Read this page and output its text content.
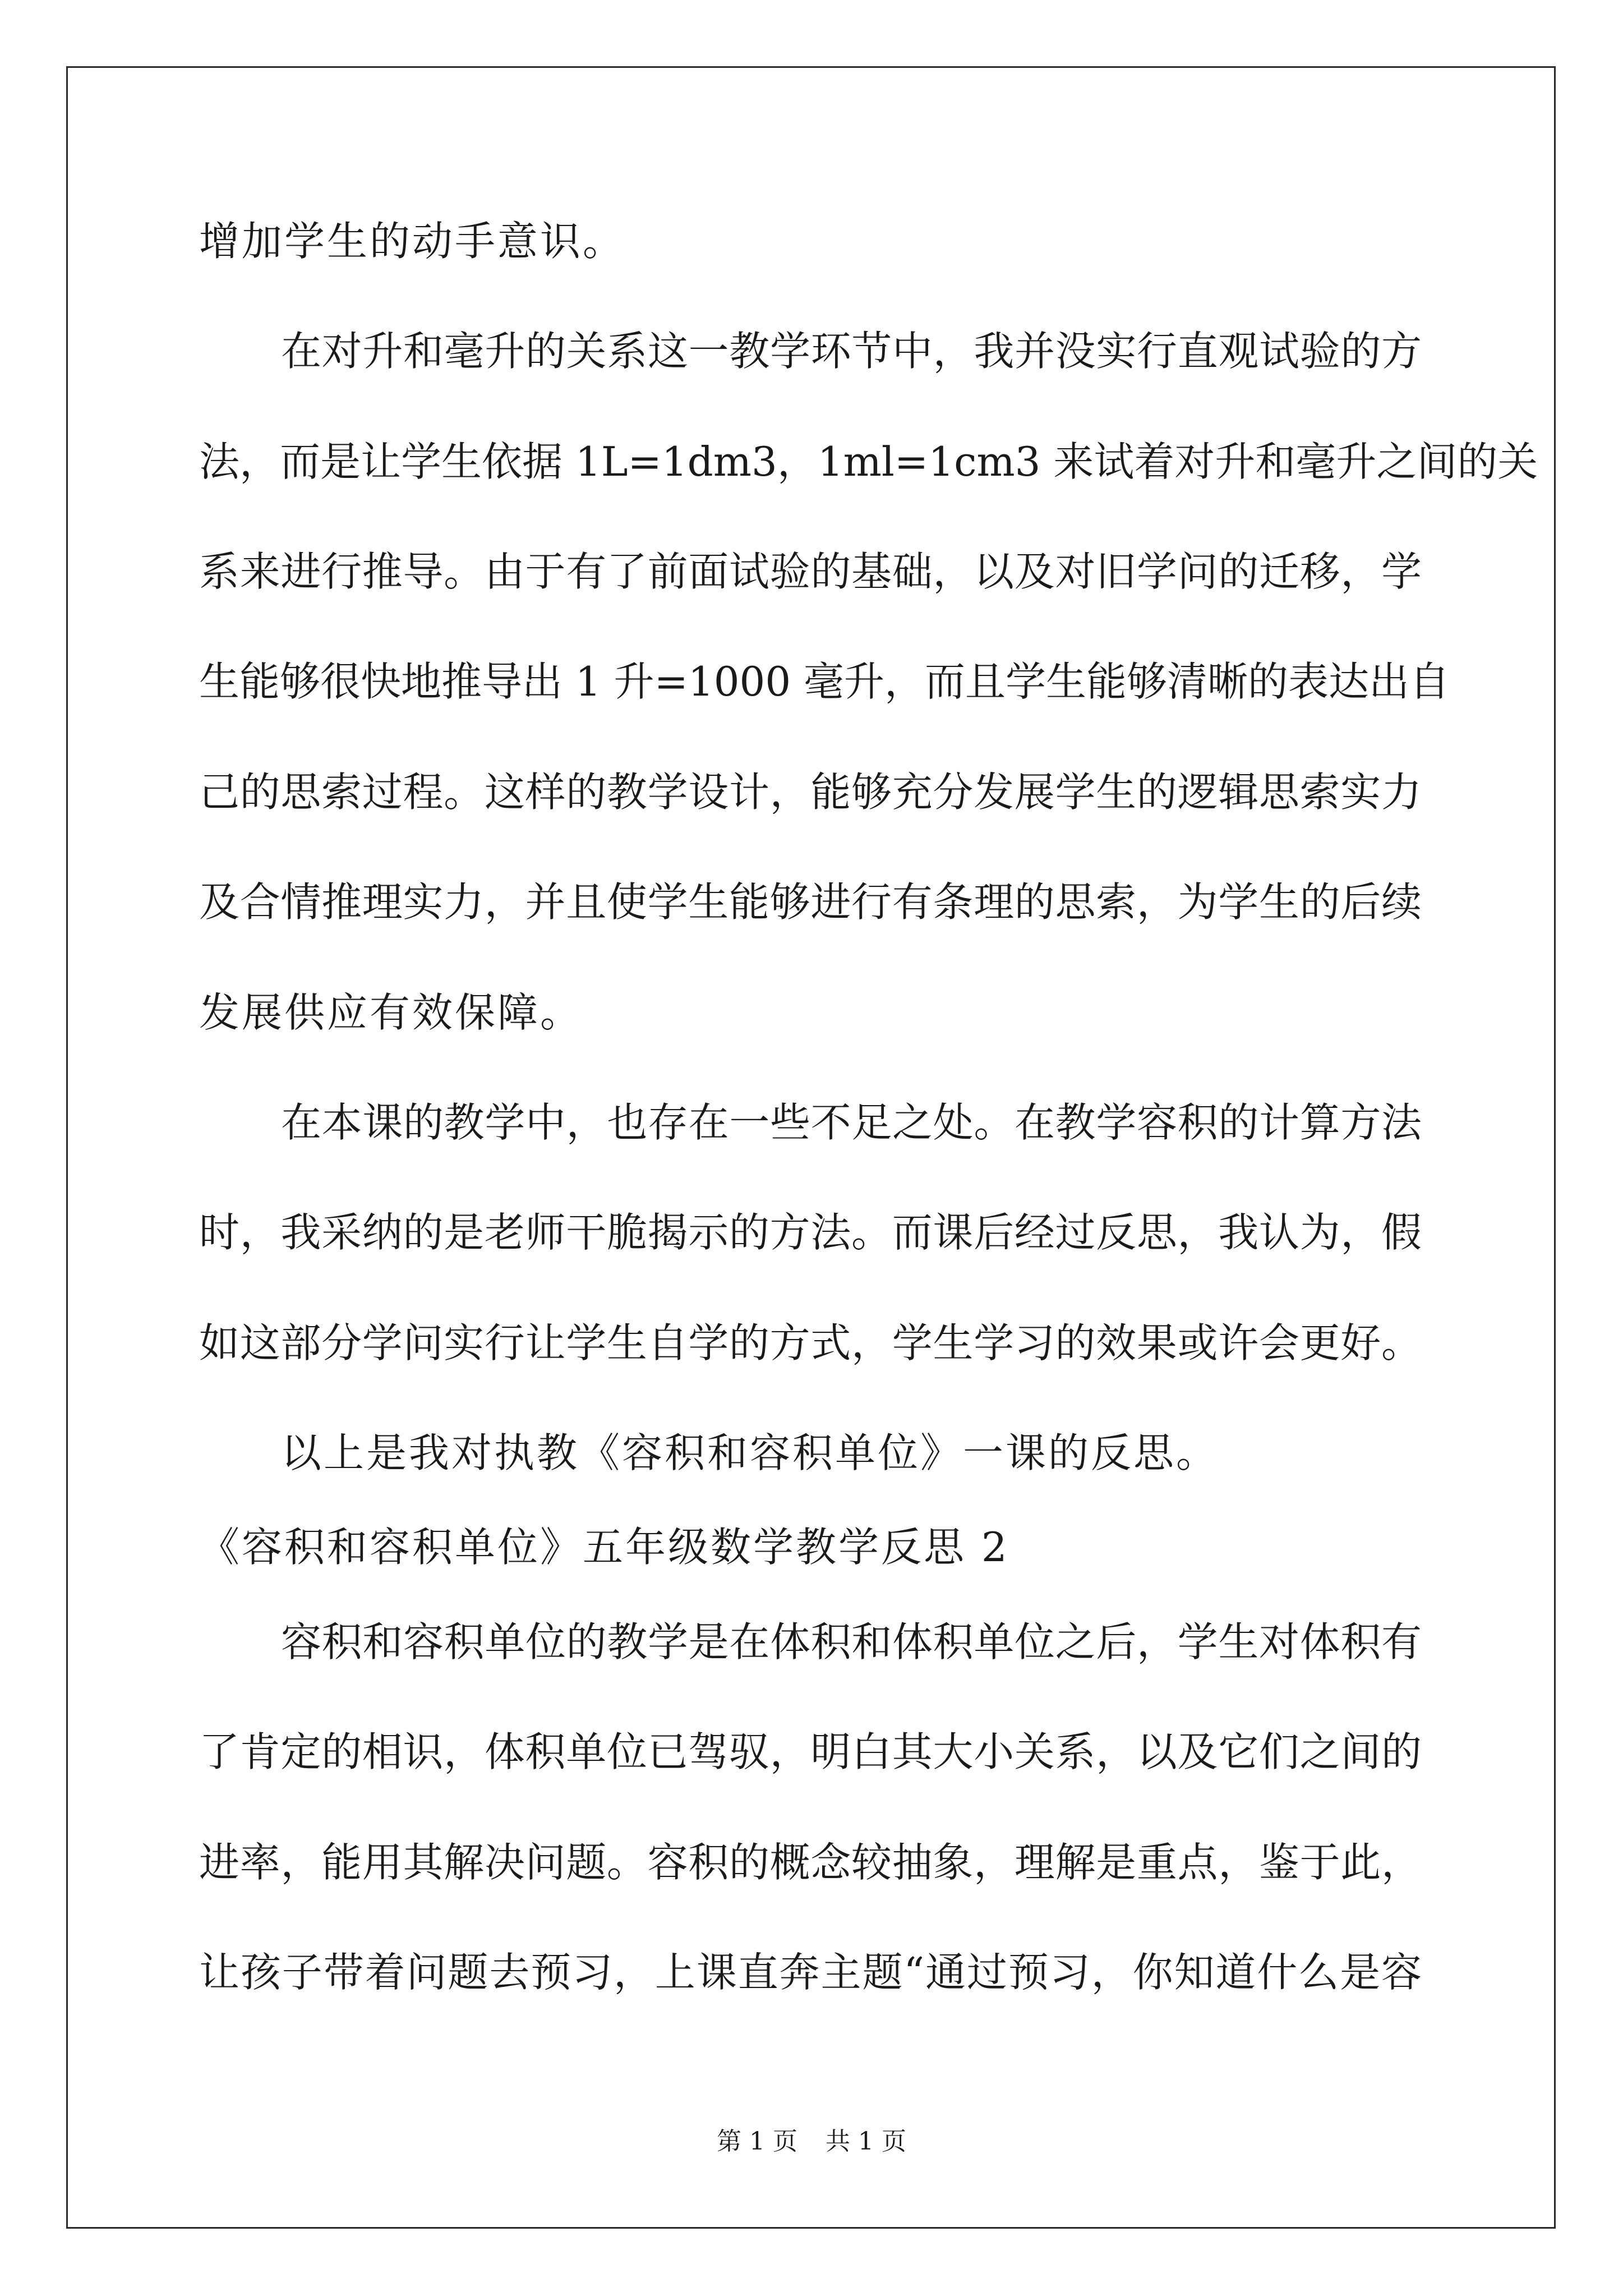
增加学生的动手意识。
在对升和毫升的关系这一教学环节中，我并没实行直观试验的方
法，而是让学生依据 1L=1dm3，1ml=1cm3 来试着对升和毫升之间的关
系来进行推导。由于有了前面试验的基础，以及对旧学问的迁移，学
生能够很快地推导出 1 升=1000 毫升，而且学生能够清晰的表达出自
己的思索过程。这样的教学设计，能够充分发展学生的逻辑思索实力
及合情推理实力，并且使学生能够进行有条理的思索，为学生的后续
发展供应有效保障。
在本课的教学中，也存在一些不足之处。在教学容积的计算方法
时，我采纳的是老师干脆揭示的方法。而课后经过反思，我认为，假
如这部分学问实行让学生自学的方式，学生学习的效果或许会更好。
以上是我对执教《容积和容积单位》一课的反思。
《容积和容积单位》五年级数学教学反思 2
容积和容积单位的教学是在体积和体积单位之后，学生对体积有
了肯定的相识，体积单位已驾驭，明白其大小关系，以及它们之间的
进率，能用其解决问题。容积的概念较抽象，理解是重点，鉴于此，
让孩子带着问题去预习，上课直奔主题“通过预习，你知道什么是容
第 1 页 共 1 页
